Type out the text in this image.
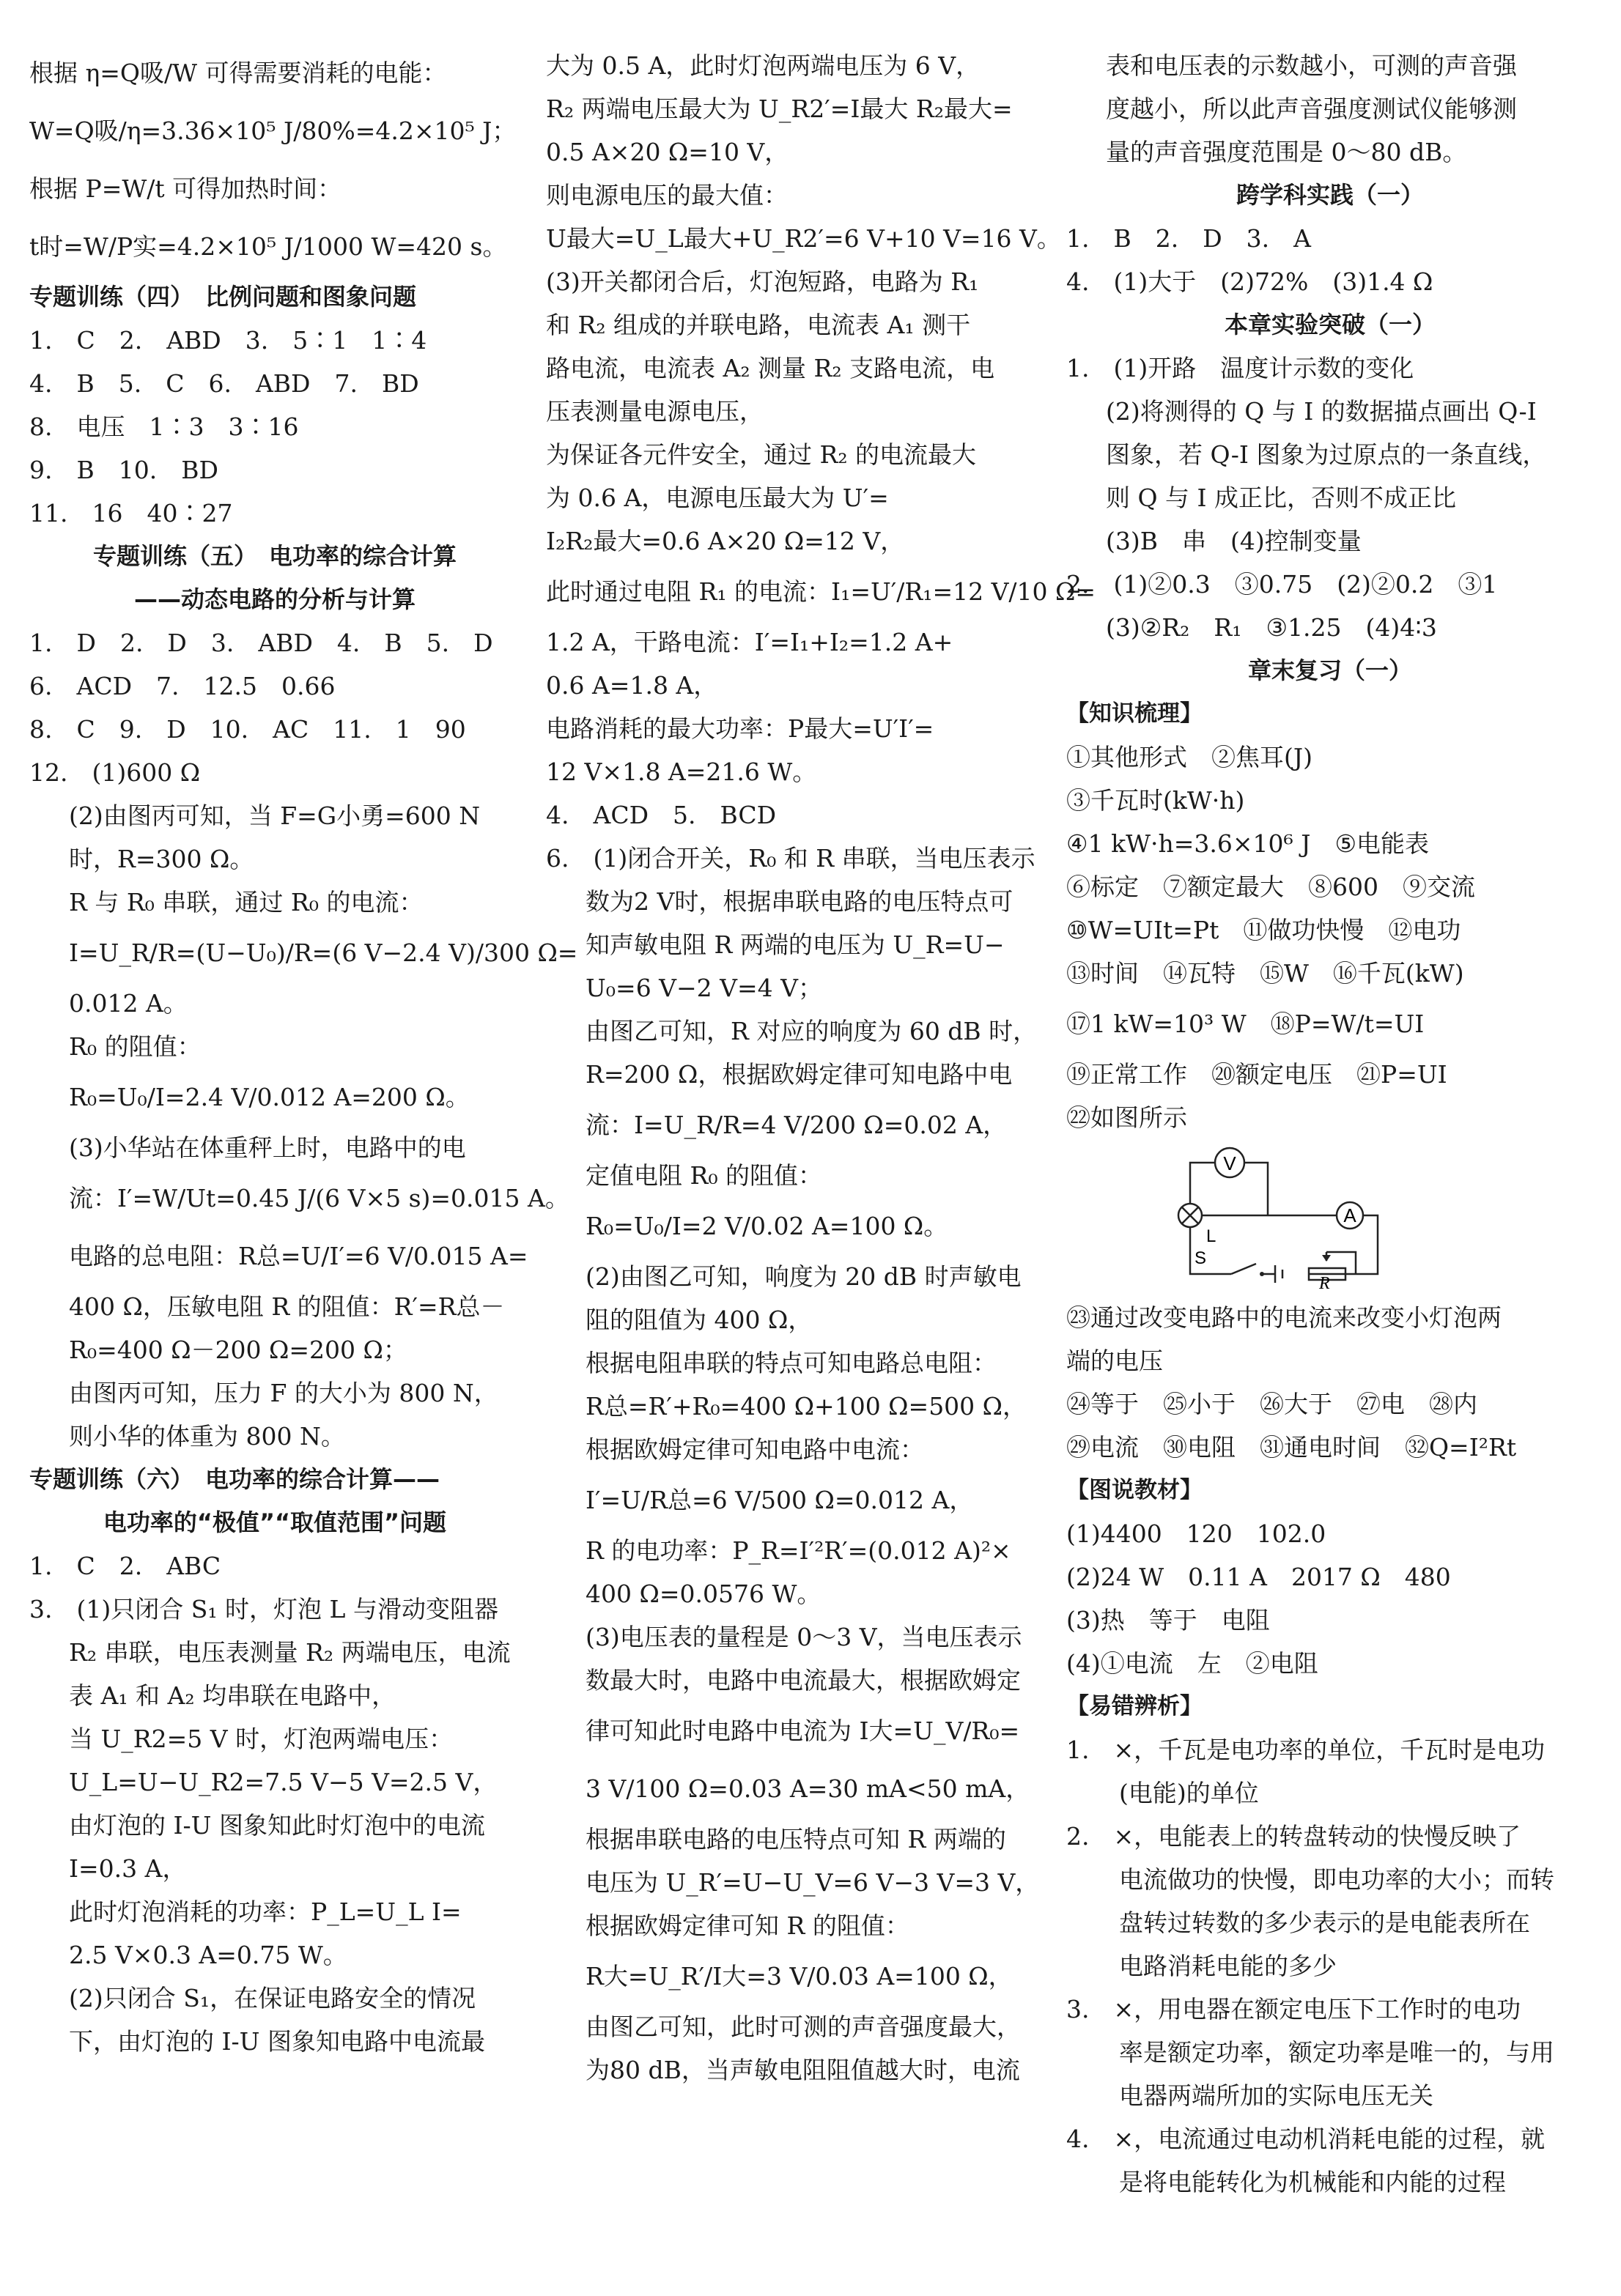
根据 η=Q吸/W 可得需要消耗的电能：
W=Q吸/η=3.36×10⁵ J/80%=4.2×10⁵ J；
根据 P=W/t 可得加热时间：
t时=W/P实=4.2×10⁵ J/1000 W=420 s。
专题训练（四）　比例问题和图象问题
1.　C　2.　ABD　3.　5∶1　1∶4
4.　B　5.　C　6.　ABD　7.　BD
8.　电压　1∶3　3∶16
9.　B　10.　BD
11.　16　40∶27
专题训练（五）　电功率的综合计算
——动态电路的分析与计算
1.　D　2.　D　3.　ABD　4.　B　5.　D
6.　ACD　7.　12.5　0.66
8.　C　9.　D　10.　AC　11.　1　90
12.　(1)600 Ω
(2)由图丙可知，当 F=G小勇=600 N
时，R=300 Ω。
R 与 R₀ 串联，通过 R₀ 的电流：
I=U_R/R=(U−U₀)/R=(6 V−2.4 V)/300 Ω=
0.012 A。
R₀ 的阻值：
R₀=U₀/I=2.4 V/0.012 A=200 Ω。
(3)小华站在体重秤上时，电路中的电
流：I′=W/Ut=0.45 J/(6 V×5 s)=0.015 A。
电路的总电阻：R总=U/I′=6 V/0.015 A=
400 Ω，压敏电阻 R 的阻值：R′=R总－
R₀=400 Ω－200 Ω=200 Ω；
由图丙可知，压力 F 的大小为 800 N，
则小华的体重为 800 N。
专题训练（六）　电功率的综合计算——
电功率的“极值”“取值范围”问题
1.　C　2.　ABC
3.　(1)只闭合 S₁ 时，灯泡 L 与滑动变阻器
R₂ 串联，电压表测量 R₂ 两端电压，电流
表 A₁ 和 A₂ 均串联在电路中，
当 U_R2=5 V 时，灯泡两端电压：
U_L=U−U_R2=7.5 V−5 V=2.5 V，
由灯泡的 I-U 图象知此时灯泡中的电流
I=0.3 A，
此时灯泡消耗的功率：P_L=U_L I=
2.5 V×0.3 A=0.75 W。
(2)只闭合 S₁，在保证电路安全的情况
下，由灯泡的 I-U 图象知电路中电流最
大为 0.5 A，此时灯泡两端电压为 6 V，
R₂ 两端电压最大为 U_R2′=I最大 R₂最大=
0.5 A×20 Ω=10 V，
则电源电压的最大值：
U最大=U_L最大+U_R2′=6 V+10 V=16 V。
(3)开关都闭合后，灯泡短路，电路为 R₁
和 R₂ 组成的并联电路，电流表 A₁ 测干
路电流，电流表 A₂ 测量 R₂ 支路电流，电
压表测量电源电压，
为保证各元件安全，通过 R₂ 的电流最大
为 0.6 A，电源电压最大为 U′=
I₂R₂最大=0.6 A×20 Ω=12 V，
此时通过电阻 R₁ 的电流：I₁=U′/R₁=12 V/10 Ω=
1.2 A，干路电流：I′=I₁+I₂=1.2 A+
0.6 A=1.8 A，
电路消耗的最大功率：P最大=U′I′=
12 V×1.8 A=21.6 W。
4.　ACD　5.　BCD
6.　(1)闭合开关，R₀ 和 R 串联，当电压表示
数为2 V时，根据串联电路的电压特点可
知声敏电阻 R 两端的电压为 U_R=U−
U₀=6 V−2 V=4 V；
由图乙可知，R 对应的响度为 60 dB 时，
R=200 Ω，根据欧姆定律可知电路中电
流：I=U_R/R=4 V/200 Ω=0.02 A，
定值电阻 R₀ 的阻值：
R₀=U₀/I=2 V/0.02 A=100 Ω。
(2)由图乙可知，响度为 20 dB 时声敏电
阻的阻值为 400 Ω，
根据电阻串联的特点可知电路总电阻：
R总=R′+R₀=400 Ω+100 Ω=500 Ω，
根据欧姆定律可知电路中电流：
I′=U/R总=6 V/500 Ω=0.012 A，
R 的电功率：P_R=I′²R′=(0.012 A)²×
400 Ω=0.0576 W。
(3)电压表的量程是 0～3 V，当电压表示
数最大时，电路中电流最大，根据欧姆定
律可知此时电路中电流为 I大=U_V/R₀=
3 V/100 Ω=0.03 A=30 mA<50 mA，
根据串联电路的电压特点可知 R 两端的
电压为 U_R′=U−U_V=6 V−3 V=3 V，
根据欧姆定律可知 R 的阻值：
R大=U_R′/I大=3 V/0.03 A=100 Ω，
由图乙可知，此时可测的声音强度最大，
为80 dB，当声敏电阻阻值越大时，电流
表和电压表的示数越小，可测的声音强
度越小，所以此声音强度测试仪能够测
量的声音强度范围是 0～80 dB。
跨学科实践（一）
1.　B　2.　D　3.　A
4.　(1)大于　(2)72%　(3)1.4 Ω
本章实验突破（一）
1.　(1)开路　温度计示数的变化
(2)将测得的 Q 与 I 的数据描点画出 Q-I
图象，若 Q-I 图象为过原点的一条直线，
则 Q 与 I 成正比，否则不成正比
(3)B　串　(4)控制变量
2.　(1)②0.3　③0.75　(2)②0.2　③1
(3)②R₂　R₁　③1.25　(4)4∶3
章末复习（一）
【知识梳理】
①其他形式　②焦耳(J)
③千瓦时(kW·h)
④1 kW·h=3.6×10⁶ J　⑤电能表
⑥标定　⑦额定最大　⑧600　⑨交流
⑩W=UIt=Pt　⑪做功快慢　⑫电功
⑬时间　⑭瓦特　⑮W　⑯千瓦(kW)
⑰1 kW=10³ W　⑱P=W/t=UI
⑲正常工作　⑳额定电压　㉑P=UI
㉒如图所示
V
A
L
S
R
㉓通过改变电路中的电流来改变小灯泡两
端的电压
㉔等于　㉕小于　㉖大于　㉗电　㉘内
㉙电流　㉚电阻　㉛通电时间　㉜Q=I²Rt
【图说教材】
(1)4400　120　102.0
(2)24 W　0.11 A　2017 Ω　480
(3)热　等于　电阻
(4)①电流　左　②电阻
【易错辨析】
1.　×，千瓦是电功率的单位，千瓦时是电功
(电能)的单位
2.　×，电能表上的转盘转动的快慢反映了
电流做功的快慢，即电功率的大小；而转
盘转过转数的多少表示的是电能表所在
电路消耗电能的多少
3.　×，用电器在额定电压下工作时的电功
率是额定功率，额定功率是唯一的，与用
电器两端所加的实际电压无关
4.　×，电流通过电动机消耗电能的过程，就
是将电能转化为机械能和内能的过程
